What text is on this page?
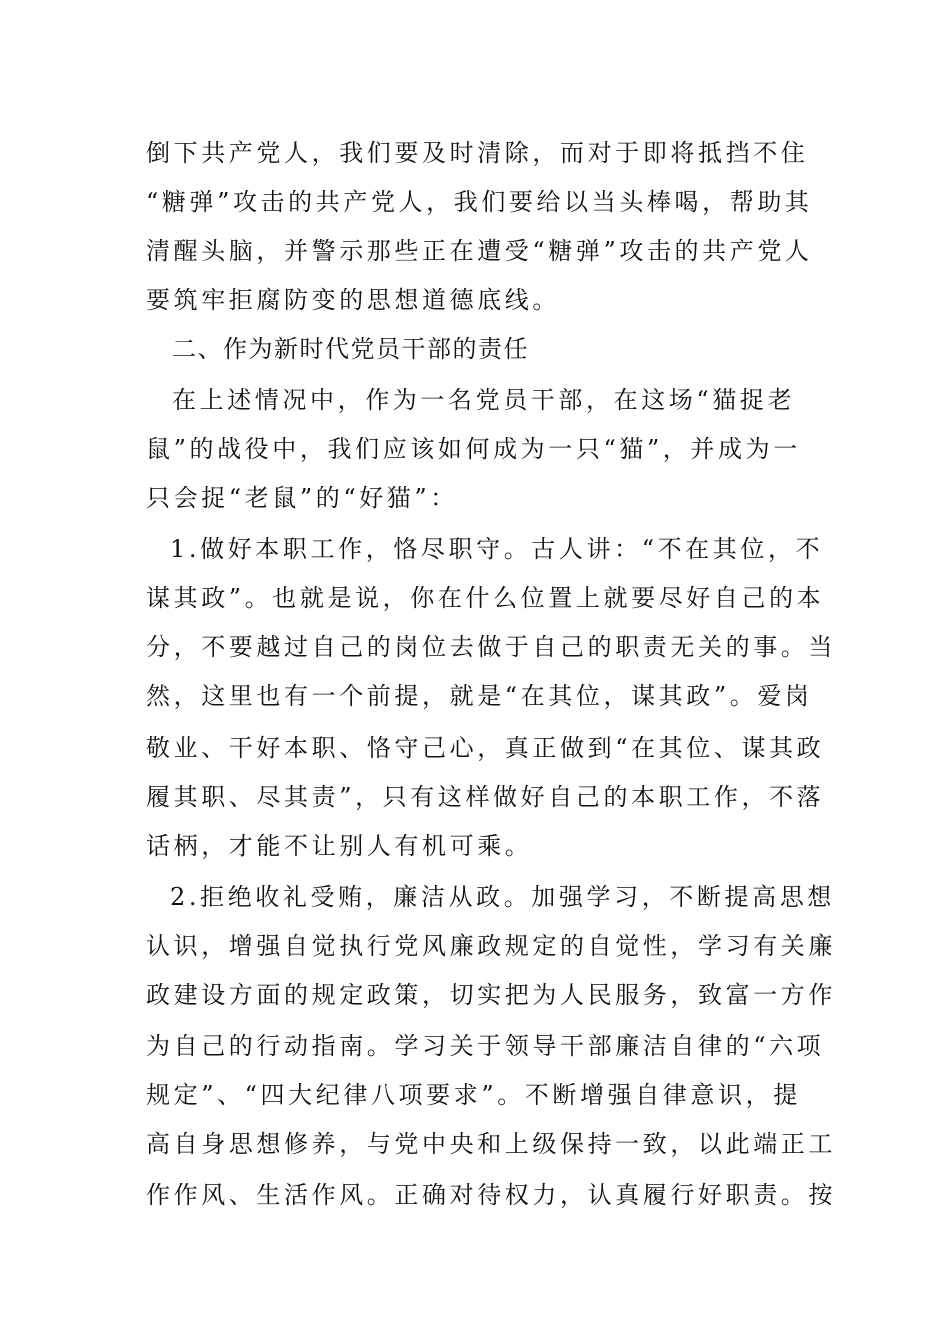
倒下共产党人，我们要及时清除，而对于即将抵挡不住
“糖弹”攻击的共产党人，我们要给以当头棒喝，帮助其
清醒头脑，并警示那些正在遭受“糖弹”攻击的共产党人
要筑牢拒腐防变的思想道德底线。
二、作为新时代党员干部的责任
在上述情况中，作为一名党员干部，在这场“猫捉老
鼠”的战役中，我们应该如何成为一只“猫”，并成为一
只会捉“老鼠”的“好猫”：
1.做好本职工作，恪尽职守。古人讲：“不在其位，不
谋其政”。也就是说，你在什么位置上就要尽好自己的本
分，不要越过自己的岗位去做于自己的职责无关的事。当
然，这里也有一个前提，就是“在其位，谋其政”。爱岗
敬业、干好本职、恪守己心，真正做到“在其位、谋其政
履其职、尽其责”，只有这样做好自己的本职工作，不落
话柄，才能不让别人有机可乘。
2.拒绝收礼受贿，廉洁从政。加强学习，不断提高思想
认识，增强自觉执行党风廉政规定的自觉性，学习有关廉
政建设方面的规定政策，切实把为人民服务，致富一方作
为自己的行动指南。学习关于领导干部廉洁自律的“六项
规定”、“四大纪律八项要求”。不断增强自律意识，提
高自身思想修养，与党中央和上级保持一致，以此端正工
作作风、生活作风。正确对待权力，认真履行好职责。按
